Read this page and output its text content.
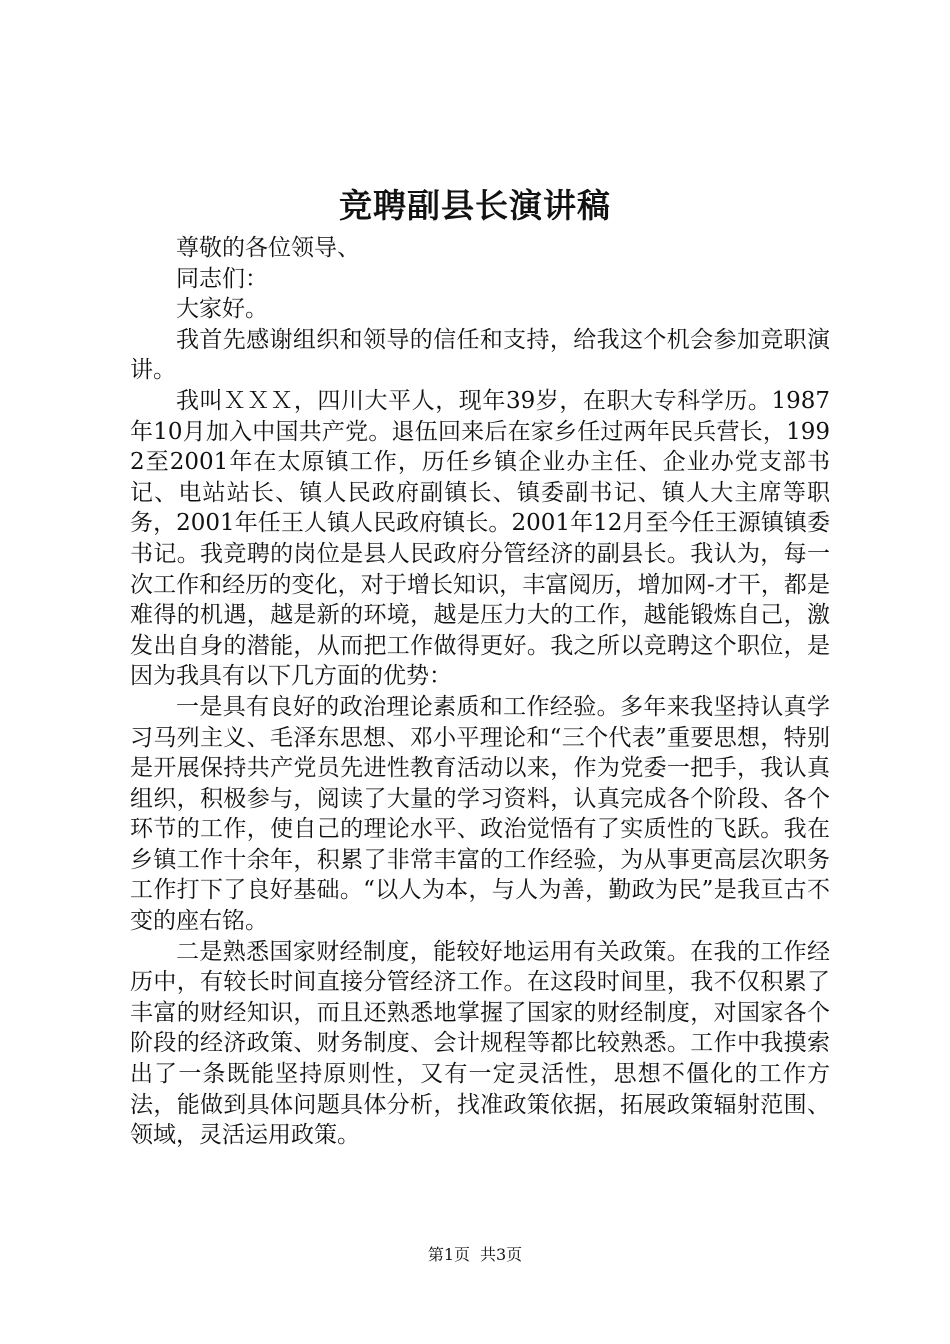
竞聘副县长演讲稿

尊敬的各位领导、

同志们：

大家好。

我首先感谢组织和领导的信任和支持，给我这个机会参加竞职演讲。

我叫ＸＸＸ，四川大平人，现年39岁，在职大专科学历。1987年10月加入中国共产党。退伍回来后在家乡任过两年民兵营长，1992至2001年在太原镇工作，历任乡镇企业办主任、企业办党支部书记、电站站长、镇人民政府副镇长、镇委副书记、镇人大主席等职务，2001年任王人镇人民政府镇长。2001年12月至今任王源镇镇委书记。我竞聘的岗位是县人民政府分管经济的副县长。我认为，每一次工作和经历的变化，对于增长知识，丰富阅历，增加网-才干，都是难得的机遇，越是新的环境，越是压力大的工作，越能锻炼自己，激发出自身的潜能，从而把工作做得更好。我之所以竞聘这个职位，是因为我具有以下几方面的优势：

一是具有良好的政治理论素质和工作经验。多年来我坚持认真学习马列主义、毛泽东思想、邓小平理论和“三个代表”重要思想，特别是开展保持共产党员先进性教育活动以来，作为党委一把手，我认真组织，积极参与，阅读了大量的学习资料，认真完成各个阶段、各个环节的工作，使自己的理论水平、政治觉悟有了实质性的飞跃。我在乡镇工作十余年，积累了非常丰富的工作经验，为从事更高层次职务工作打下了良好基础。“以人为本，与人为善，勤政为民”是我亘古不变的座右铭。

二是熟悉国家财经制度，能较好地运用有关政策。在我的工作经历中，有较长时间直接分管经济工作。在这段时间里，我不仅积累了丰富的财经知识，而且还熟悉地掌握了国家的财经制度，对国家各个阶段的经济政策、财务制度、会计规程等都比较熟悉。工作中我摸索出了一条既能坚持原则性，又有一定灵活性，思想不僵化的工作方法，能做到具体问题具体分析，找准政策依据，拓展政策辐射范围、领域，灵活运用政策。

第1页 共3页
